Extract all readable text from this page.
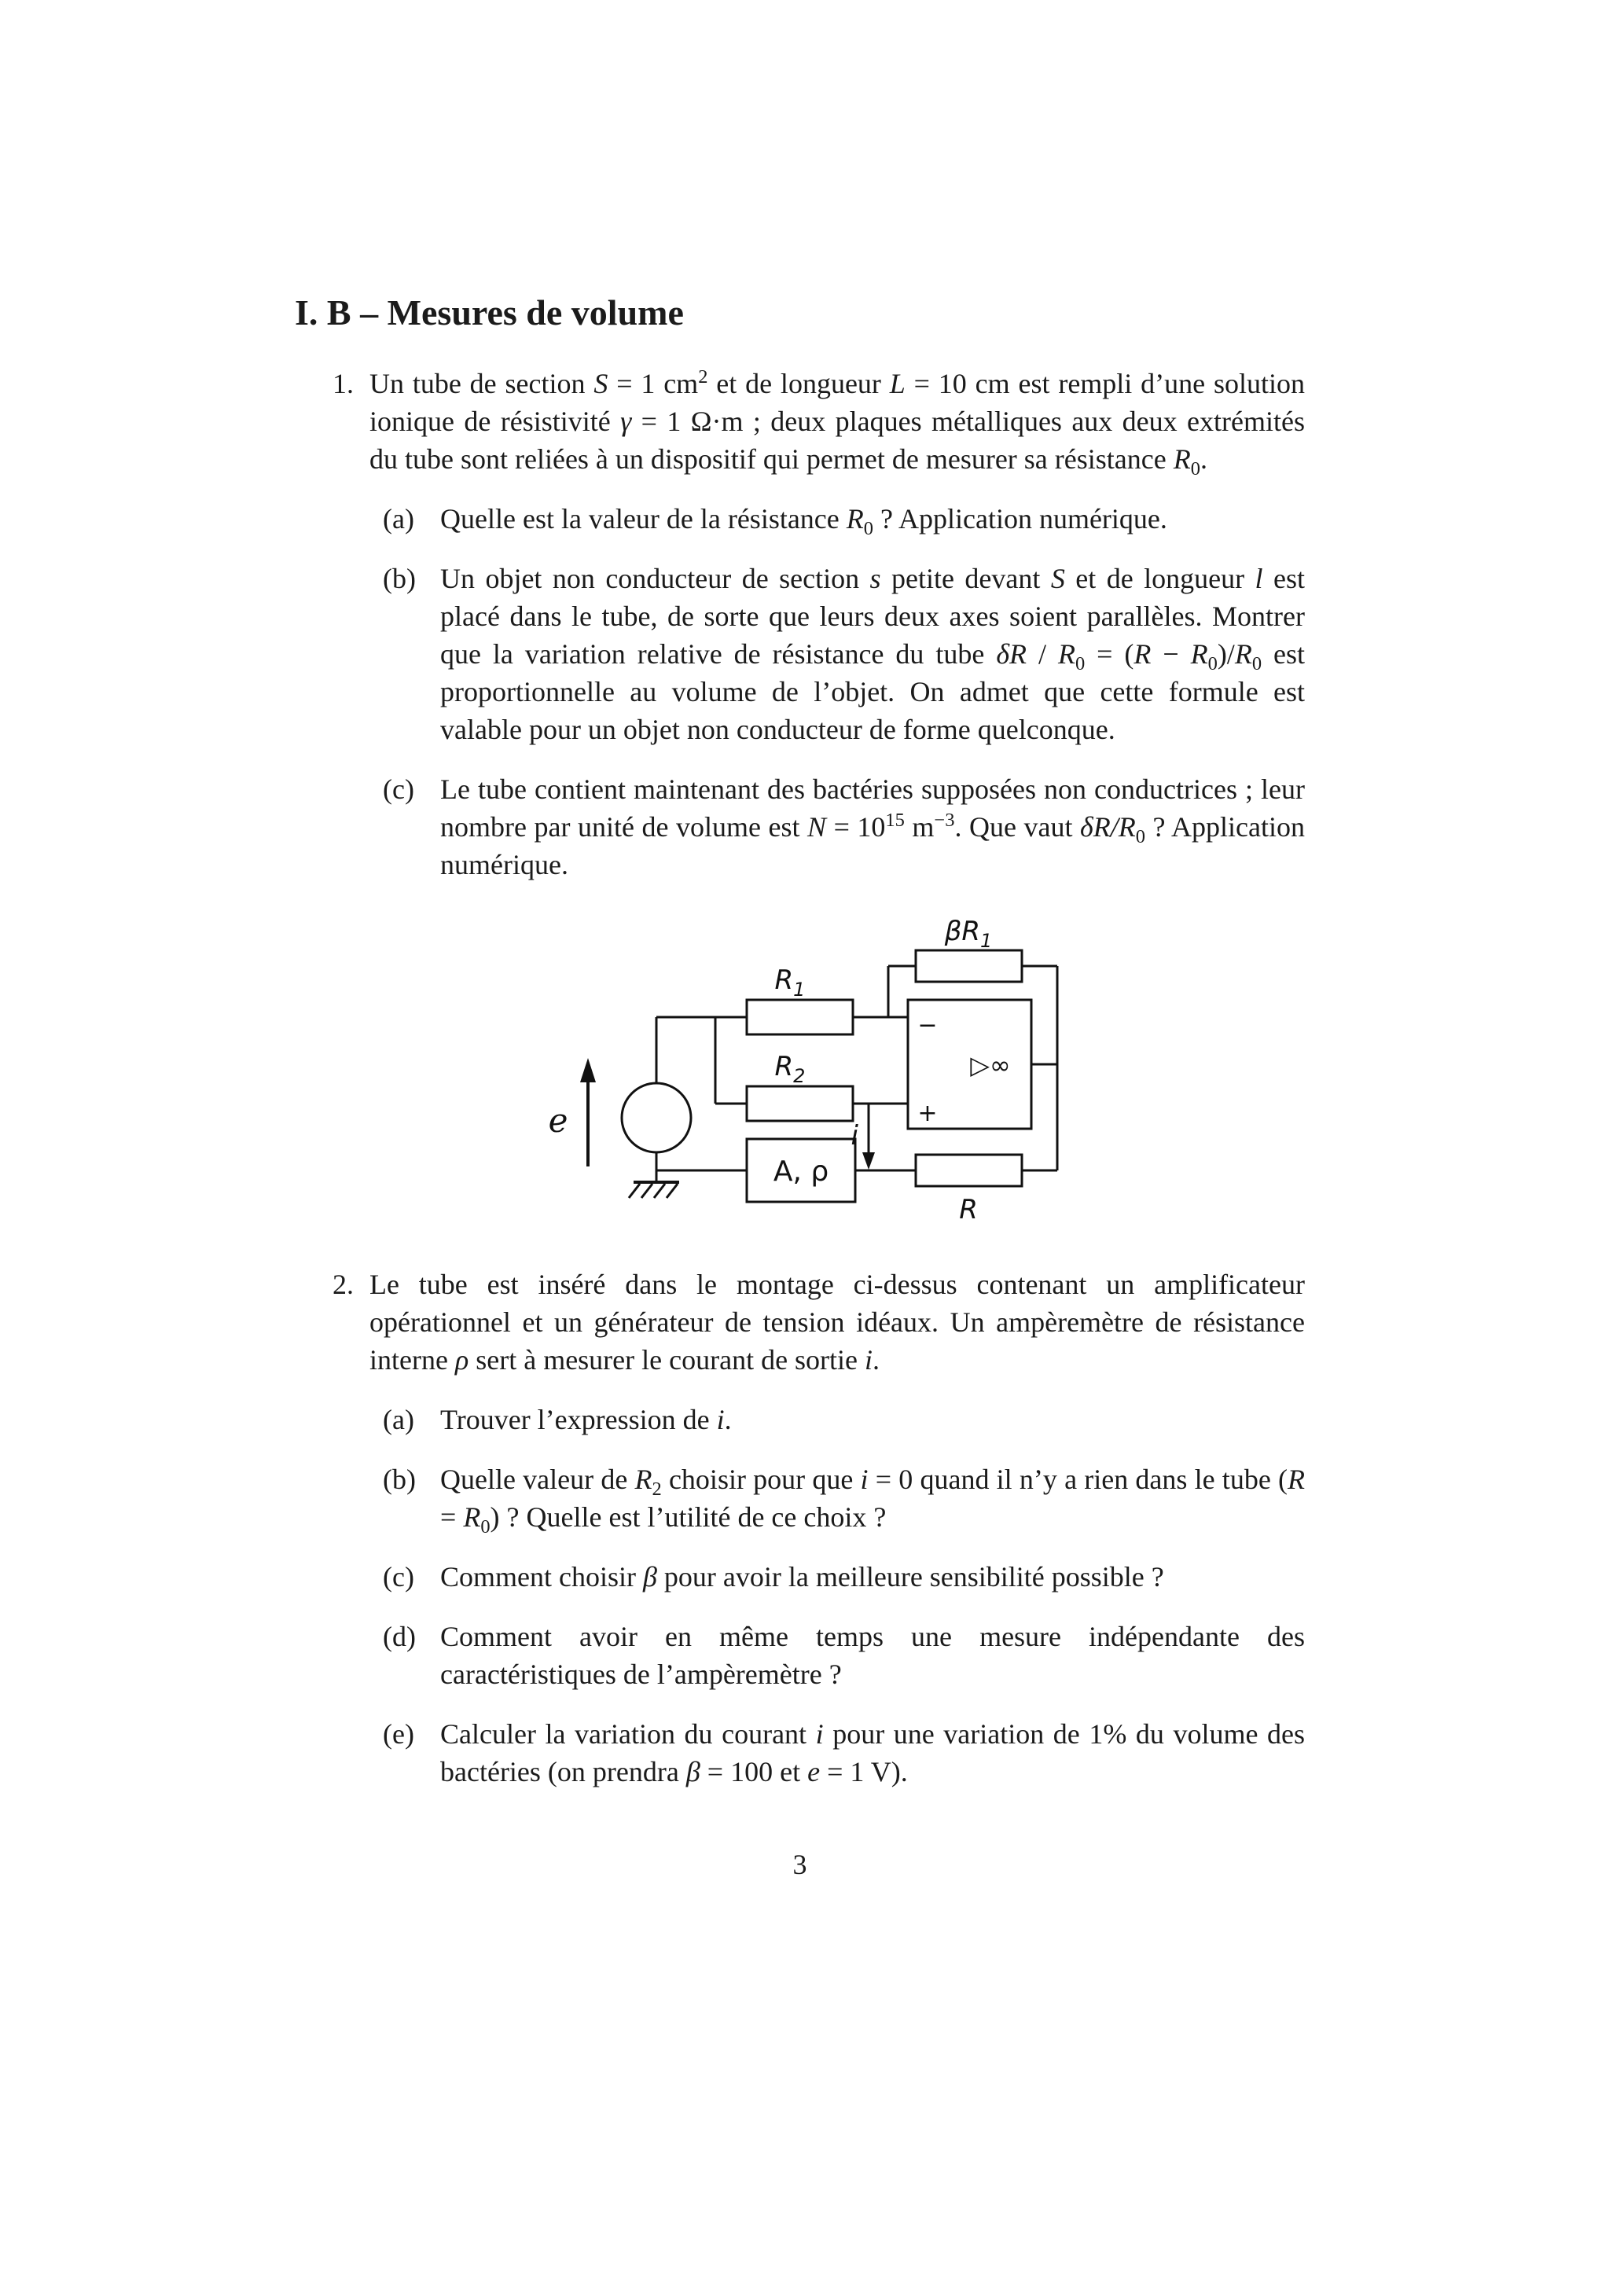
I. B – Mesures de volume
1. Un tube de section S = 1 $cm^2$ et de longueur L = 10 cm est rempli d’une solution ionique de résistivité γ = 1 Ω·m ; deux plaques métalliques aux deux extrémités du tube sont reliées à un dispositif qui permet de mesurer sa résistance $R_0$.
(a) Quelle est la valeur de la résistance $R_0$ ? Application numérique.
(b) Un objet non conducteur de section s petite devant S et de longueur l est placé dans le tube, de sorte que leurs deux axes soient parallèles. Montrer que la variation relative de résistance du tube $\delta R / R_0 = (R - R_0)/R_0$ est proportionnelle au volume de l’objet. On admet que cette formule est valable pour un objet non conducteur de forme quelconque.
(c) Le tube contient maintenant des bactéries supposées non conductrices ; leur nombre par unité de volume est $N = 10^{15}$ $m^{-3}$. Que vaut $\delta R/R_0$ ? Application numérique.
e
$R_1$
$R_2$
$\beta R_1$
−
+
▷∞
A, ρ
i
R
2. Le tube est inséré dans le montage ci-dessus contenant un amplificateur opérationnel et un générateur de tension idéaux. Un ampèremètre de résistance interne ρ sert à mesurer le courant de sortie i.
(a) Trouver l’expression de i.
(b) Quelle valeur de $R_2$ choisir pour que i = 0 quand il n’y a rien dans le tube $(R = R_0)$ ? Quelle est l’utilité de ce choix ?
(c) Comment choisir β pour avoir la meilleure sensibilité possible ?
(d) Comment avoir en même temps une mesure indépendante des caractéristiques de l’ampèremètre ?
(e) Calculer la variation du courant i pour une variation de 1% du volume des bactéries (on prendra β = 100 et e = 1 V).
3
